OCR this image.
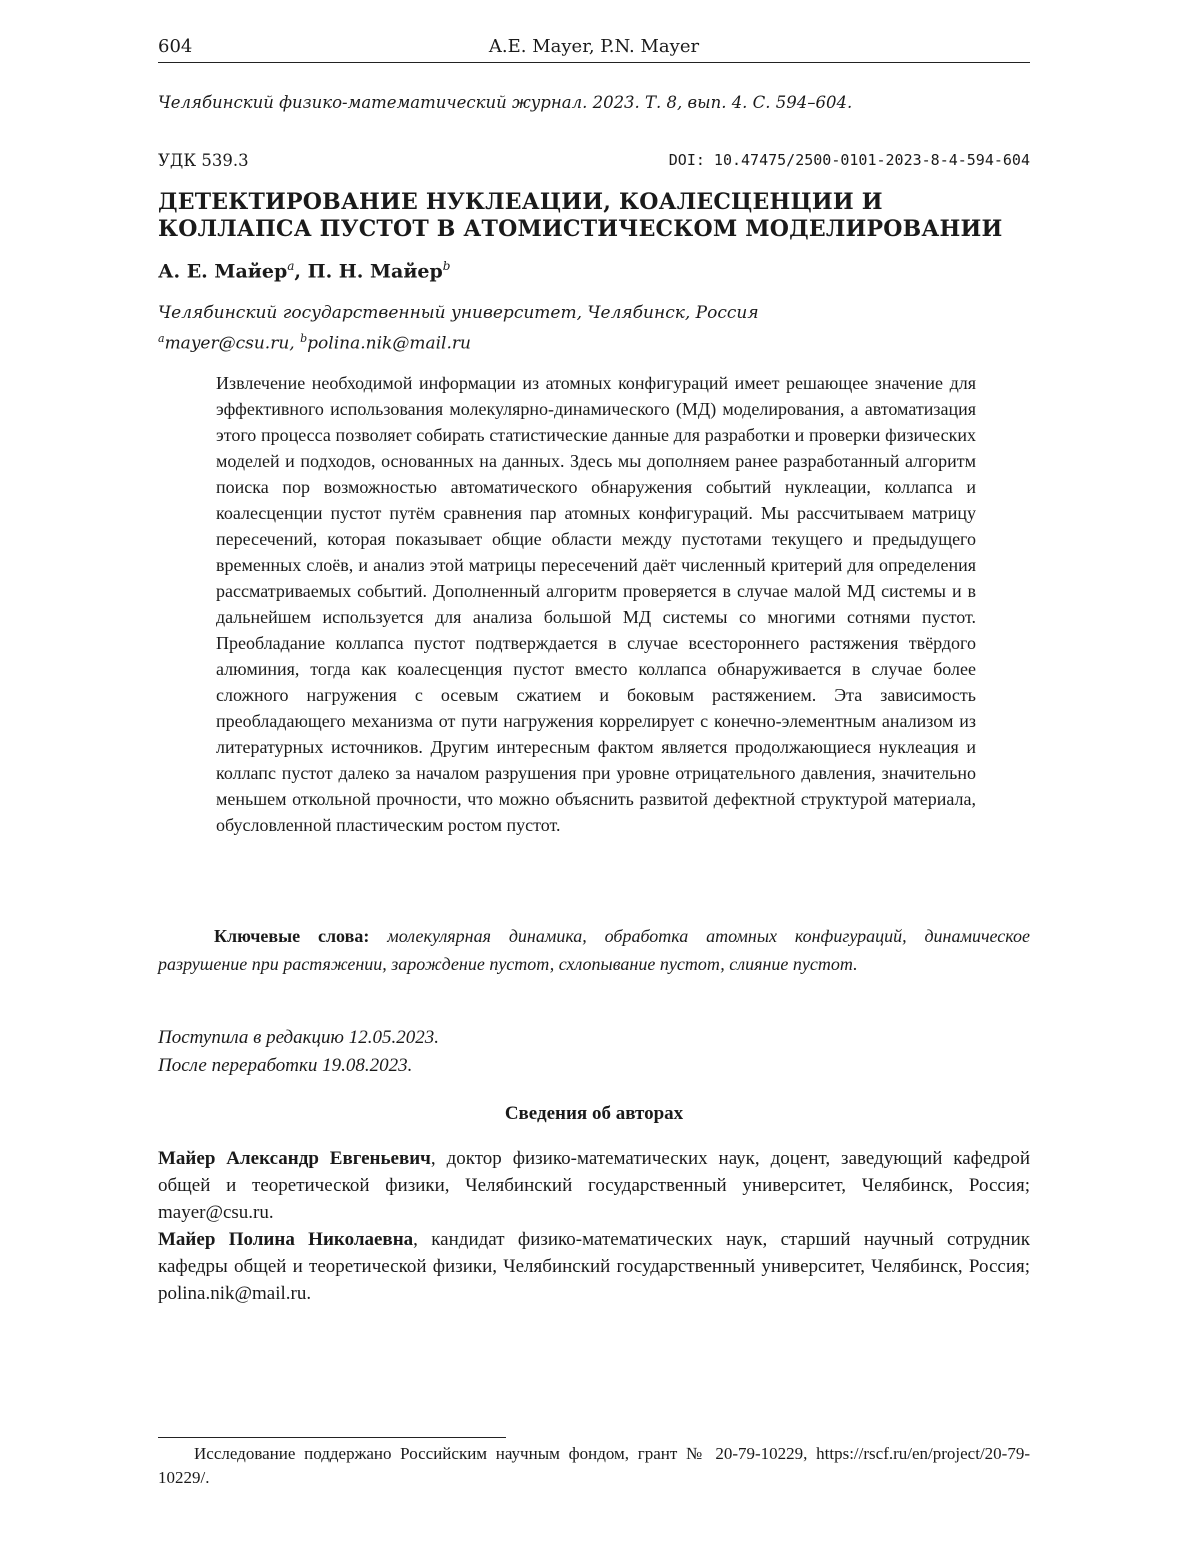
604	A.E. Mayer, P.N. Mayer
Челябинский физико-математический журнал. 2023. Т. 8, вып. 4. С. 594–604.
УДК 539.3	DOI: 10.47475/2500-0101-2023-8-4-594-604
ДЕТЕКТИРОВАНИЕ НУКЛЕАЦИИ, КОАЛЕСЦЕНЦИИ И КОЛЛАПСА ПУСТОТ В АТОМИСТИЧЕСКОМ МОДЕЛИРОВАНИИ
А. Е. Майер$^a$, П. Н. Майер$^b$
Челябинский государственный университет, Челябинск, Россия
$^a$mayer@csu.ru, $^b$polina.nik@mail.ru

Извлечение необходимой информации из атомных конфигураций имеет решающее значение для эффективного использования молекулярно-динамического (МД) моделирования, а автоматизация этого процесса позволяет собирать статистические данные для разработки и проверки физических моделей и подходов, основанных на данных. Здесь мы дополняем ранее разработанный алгоритм поиска пор возможностью автоматического обнаружения событий нуклеации, коллапса и коалесценции пустот путём сравнения пар атомных конфигураций. Мы рассчитываем матрицу пересечений, которая показывает общие области между пустотами текущего и предыдущего временных слоёв, и анализ этой матрицы пересечений даёт численный критерий для определения рассматриваемых событий. Дополненный алгоритм проверяется в случае малой МД системы и в дальнейшем используется для анализа большой МД системы со многими сотнями пустот. Преобладание коллапса пустот подтверждается в случае всестороннего растяжения твёрдого алюминия, тогда как коалесценция пустот вместо коллапса обнаруживается в случае более сложного нагружения с осевым сжатием и боковым растяжением. Эта зависимость преобладающего механизма от пути нагружения коррелирует с конечно-элементным анализом из литературных источников. Другим интересным фактом является продолжающиеся нуклеация и коллапс пустот далеко за началом разрушения при уровне отрицательного давления, значительно меньшем откольной прочности, что можно объяснить развитой дефектной структурой материала, обусловленной пластическим ростом пустот.

Ключевые слова: молекулярная динамика, обработка атомных конфигураций, динамическое разрушение при растяжении, зарождение пустот, схлопывание пустот, слияние пустот.

Поступила в редакцию 12.05.2023.
После переработки 19.08.2023.
Сведения об авторах

Майер Александр Евгеньевич, доктор физико-математических наук, доцент, заведующий кафедрой общей и теоретической физики, Челябинский государственный университет, Челябинск, Россия; mayer@csu.ru.

Майер Полина Николаевна, кандидат физико-математических наук, старший научный сотрудник кафедры общей и теоретической физики, Челябинский государственный университет, Челябинск, Россия; polina.nik@mail.ru.

Исследование поддержано Российским научным фондом, грант № 20-79-10229, https://rscf.ru/en/project/20-79-10229/.
